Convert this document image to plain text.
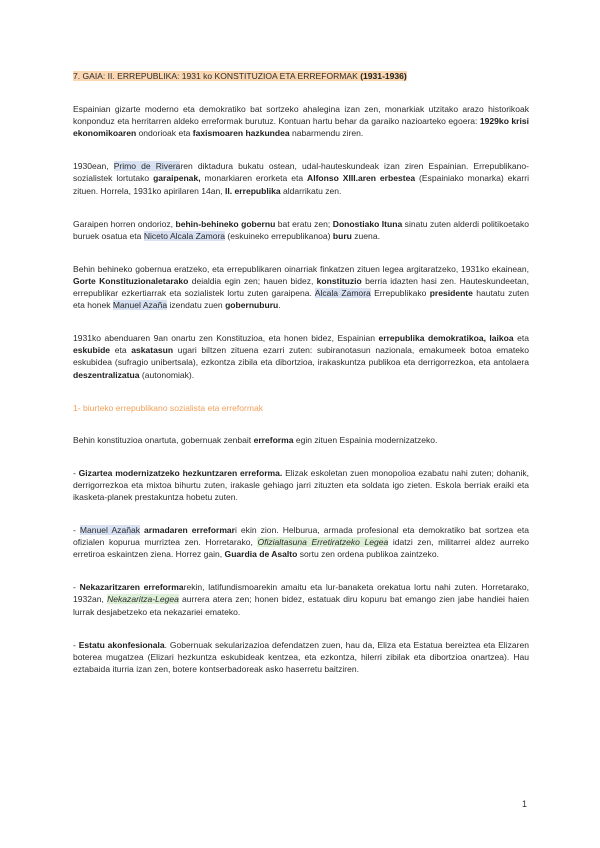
7. GAIA: II. ERREPUBLIKA: 1931 ko KONSTITUZIOA ETA ERREFORMAK (1931-1936)

Espainian gizarte moderno eta demokratiko bat sortzeko ahalegina izan zen, monarkiak utzitako arazo historikoak konponduz eta herritarren aldeko erreformak burutuz. Kontuan hartu behar da garaiko nazioarteko egoera: 1929ko krisi ekonomikoaren ondorioak eta faxismoaren hazkundea nabarmendu ziren.

1930ean, Primo de Riveraren diktadura bukatu ostean, udal-hauteskundeak izan ziren Espainian. Errepublikano-sozialistek lortutako garaipenak, monarkiaren erorketa eta Alfonso XIII.aren erbestea (Espainiako monarka) ekarri zituen. Horrela, 1931ko apirilaren 14an, II. errepublika aldarrikatu zen.

Garaipen horren ondorioz, behin-behineko gobernu bat eratu zen; Donostiako Ituna sinatu zuten alderdi politikoetako buruek osatua eta Niceto Alcala Zamora (eskuineko errepublikanoa) buru zuena.

Behin behineko gobernua eratzeko, eta errepublikaren oinarriak finkatzen zituen legea argitaratzeko, 1931ko ekainean, Gorte Konstituzionaletarako deialdia egin zen; hauen bidez, konstituzio berria idazten hasi zen. Hauteskundeetan, errepublikar ezkertiarrak eta sozialistek lortu zuten garaipena. Alcala Zamora Errepublikako presidente hautatu zuten eta honek Manuel Azaña izendatu zuen gobernuburu.

1931ko abenduaren 9an onartu zen Konstituzioa, eta honen bidez, Espainian errepublika demokratikoa, laikoa eta eskubide eta askatasun ugari biltzen zituena ezarri zuten: subiranotasun nazionala, emakumeek botoa emateko eskubidea (sufragio unibertsala), ezkontza zibila eta dibortzioa, irakaskuntza publikoa eta derrigorrezkoa, eta antolaera deszentralizatua (autonomiak).

1- biurteko errepublikano sozialista eta erreformak

Behin konstituzioa onartuta, gobernuak zenbait erreforma egin zituen Espainia modernizatzeko.

- Gizartea modernizatzeko hezkuntzaren erreforma. Elizak eskoletan zuen monopolioa ezabatu nahi zuten; dohanik, derrigorrezkoa eta mixtoa bihurtu zuten, irakasle gehiago jarri zituzten eta soldata igo zieten. Eskola berriak eraiki eta ikasketa-planek prestakuntza hobetu zuten.

- Manuel Azañak armadaren erreformari ekin zion. Helburua, armada profesional eta demokratiko bat sortzea eta ofizialen kopurua murriztea zen. Horretarako, Ofizialtasuna Erretiratzeko Legea idatzi zen, militarrei aldez aurreko erretiroa eskaintzen ziena. Horrez gain, Guardia de Asalto sortu zen ordena publikoa zaintzeko.

- Nekazaritzaren erreformarekin, latifundismoarekin amaitu eta lur-banaketa orekatua lortu nahi zuten. Horretarako, 1932an, Nekazaritza-Legea aurrera atera zen; honen bidez, estatuak diru kopuru bat emango zien jabe handiei haien lurrak desjabetzeko eta nekazariei emateko.

- Estatu akonfesionala. Gobernuak sekularizazioa defendatzen zuen, hau da, Eliza eta Estatua bereiztea eta Elizaren boterea mugatzea (Elizari hezkuntza eskubideak kentzea, eta ezkontza, hilerri zibilak eta dibortzioa onartzea). Hau eztabaida iturria izan zen, botere kontserbadoreak asko haserretu baitziren.

1
